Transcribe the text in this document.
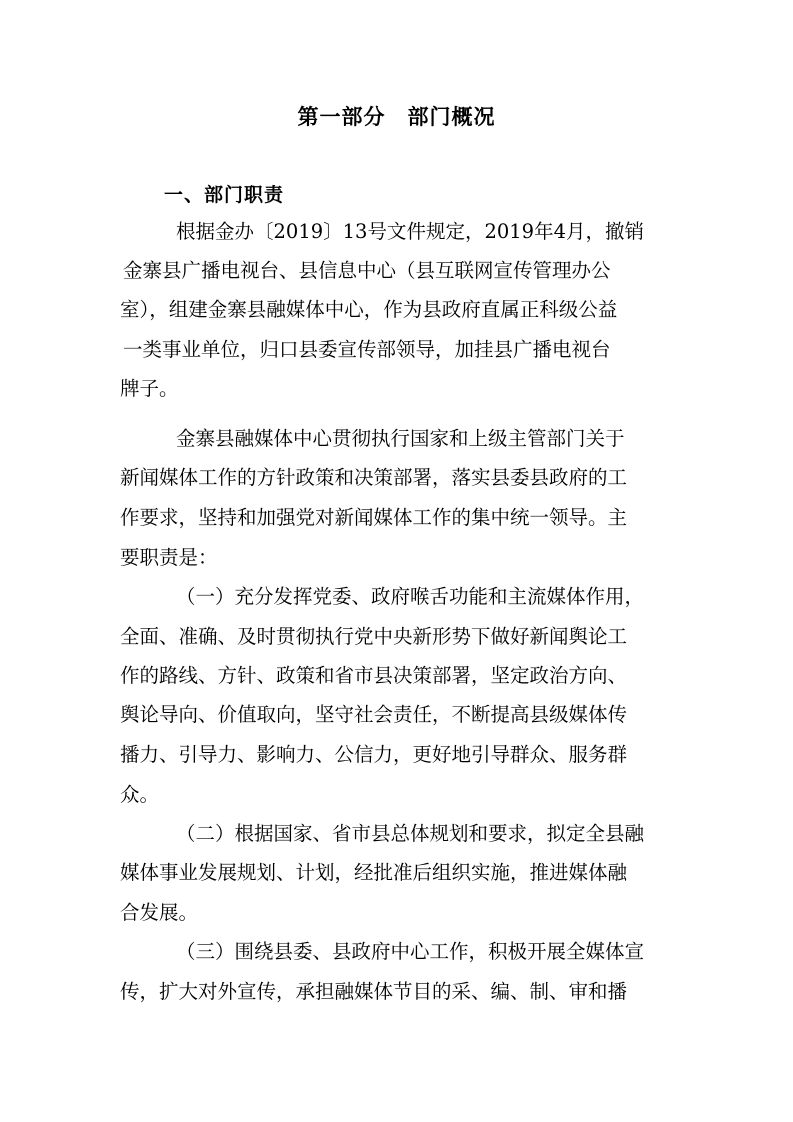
第一部分　部门概况
一、部门职责
根据金办〔2019〕13号文件规定，2019年4月，撤销
金寨县广播电视台、县信息中心（县互联网宣传管理办公
室），组建金寨县融媒体中心，作为县政府直属正科级公益
一类事业单位，归口县委宣传部领导，加挂县广播电视台
牌子。
金寨县融媒体中心贯彻执行国家和上级主管部门关于
新闻媒体工作的方针政策和决策部署，落实县委县政府的工
作要求，坚持和加强党对新闻媒体工作的集中统一领导。主
要职责是：
（一）充分发挥党委、政府喉舌功能和主流媒体作用，
全面、准确、及时贯彻执行党中央新形势下做好新闻舆论工
作的路线、方针、政策和省市县决策部署，坚定政治方向、
舆论导向、价值取向，坚守社会责任，不断提高县级媒体传
播力、引导力、影响力、公信力，更好地引导群众、服务群
众。
（二）根据国家、省市县总体规划和要求，拟定全县融
媒体事业发展规划、计划，经批准后组织实施，推进媒体融
合发展。
（三）围绕县委、县政府中心工作，积极开展全媒体宣
传，扩大对外宣传，承担融媒体节目的采、编、制、审和播
